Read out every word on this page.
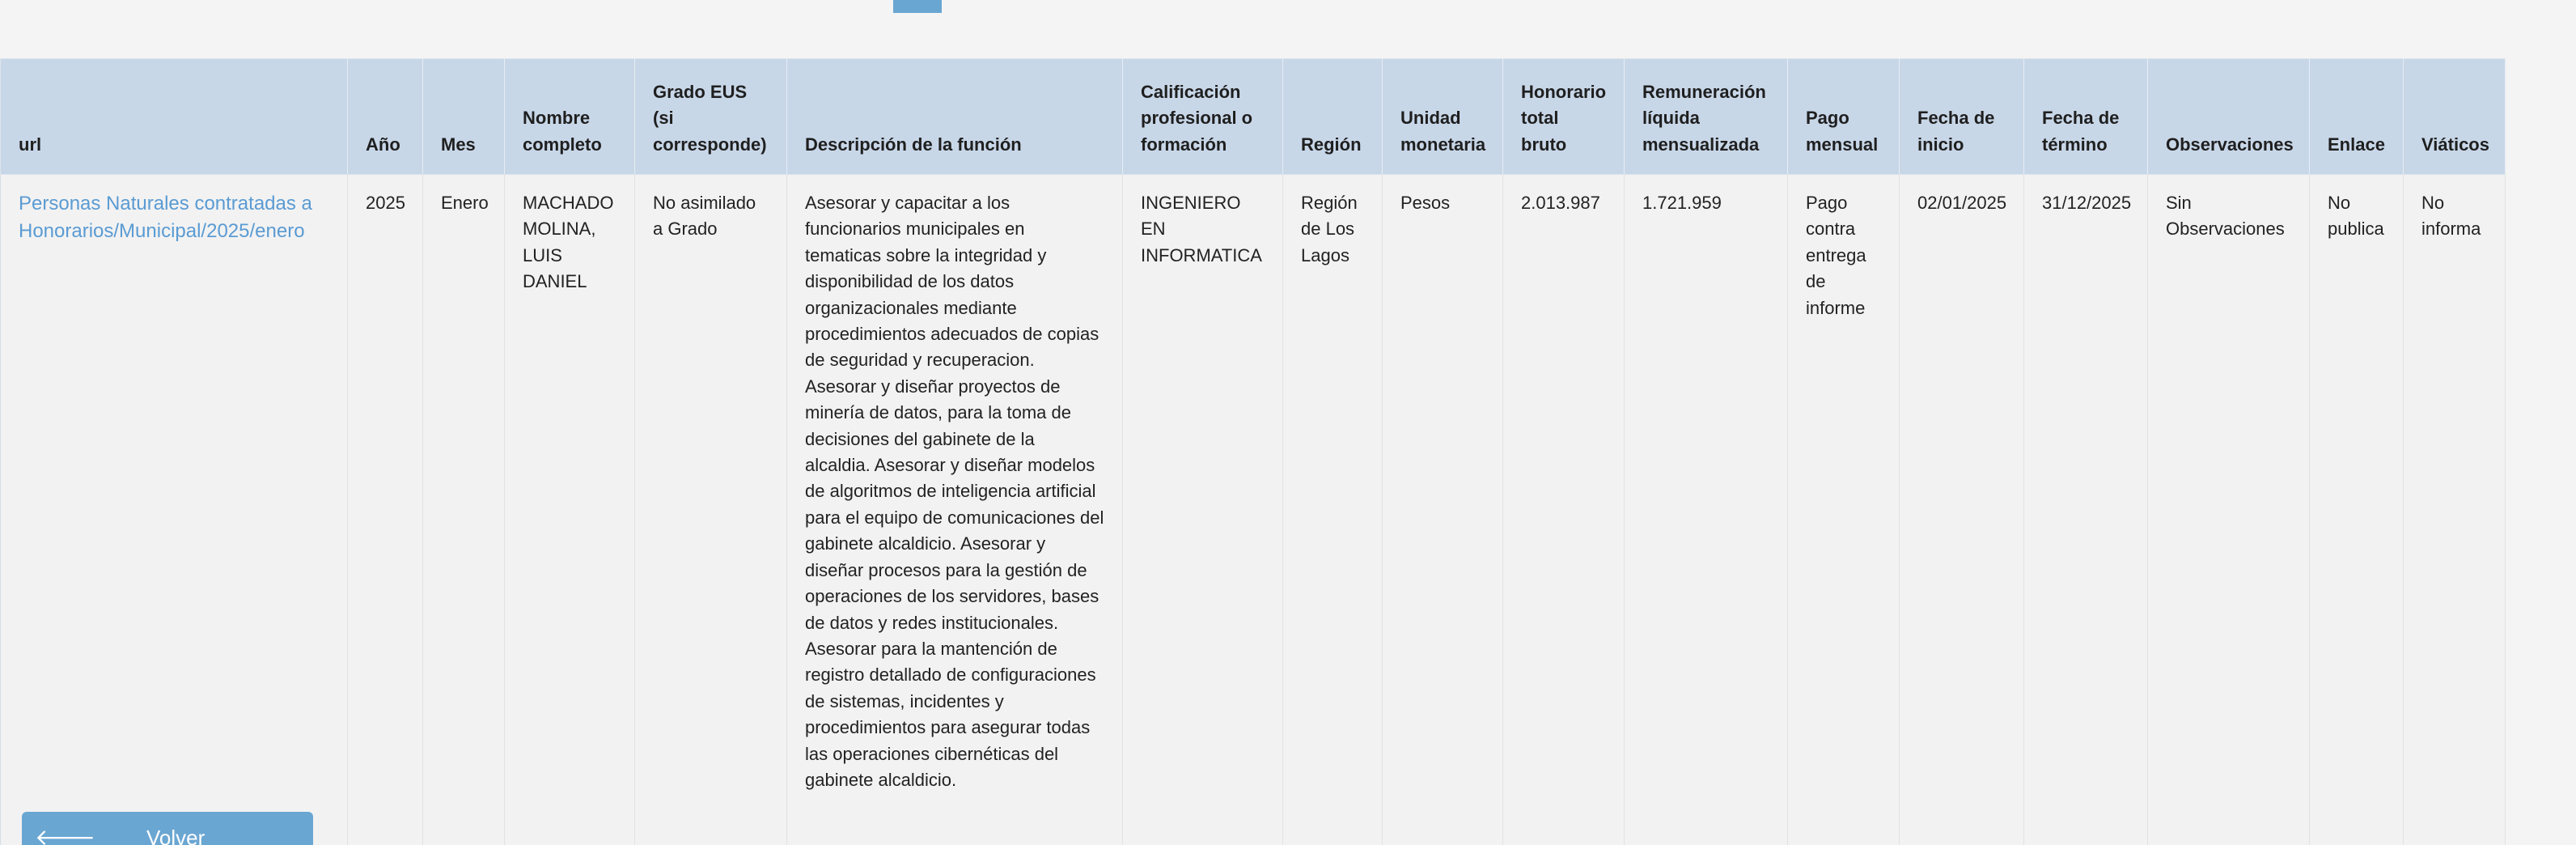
url	Año	Mes	Nombre completo	Grado EUS (si corresponde)	Descripción de la función	Calificación profesional o formación	Región	Unidad monetaria	Honorario total bruto	Remuneración líquida mensualizada	Pago mensual	Fecha de inicio	Fecha de término	Observaciones	Enlace	Viáticos
Personas Naturales contratadas a Honorarios/Municipal/2025/enero	2025	Enero	MACHADO MOLINA, LUIS DANIEL	No asimilado a Grado	Asesorar y capacitar a los funcionarios municipales en tematicas sobre la integridad y disponibilidad de los datos organizacionales mediante procedimientos adecuados de copias de seguridad y recuperacion. Asesorar y diseñar proyectos de minería de datos, para la toma de decisiones del gabinete de la alcaldia. Asesorar y diseñar modelos de algoritmos de inteligencia artificial para el equipo de comunicaciones del gabinete alcaldicio. Asesorar y diseñar procesos para la gestión de operaciones de los servidores, bases de datos y redes institucionales. Asesorar para la mantención de registro detallado de configuraciones de sistemas, incidentes y procedimientos para asegurar todas las operaciones cibernéticas del gabinete alcaldicio.	INGENIERO EN INFORMATICA	Región de Los Lagos	Pesos	2.013.987	1.721.959	Pago contra entrega de informe	02/01/2025	31/12/2025	Sin Observaciones	No publica	No informa
🡐 Volver
